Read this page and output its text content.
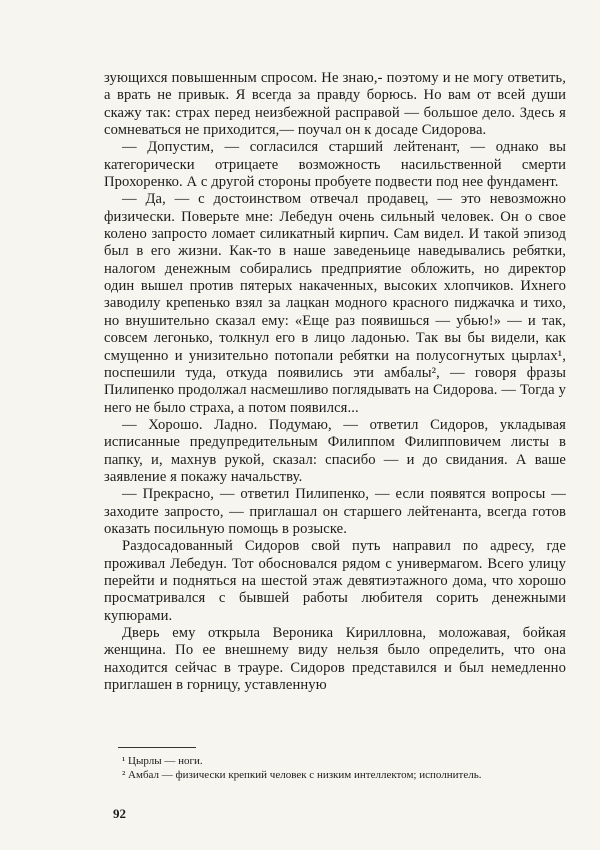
зующихся повышенным спросом. Не знаю,- поэтому и не могу ответить, а врать не привык. Я всегда за правду борюсь. Но вам от всей души скажу так: страх перед неизбежной расправой — большое дело. Здесь я сомневаться не приходится,— поучал он к досаде Сидорова.

— Допустим, — согласился старший лейтенант, — однако вы категорически отрицаете возможность насильственной смерти Прохоренко. А с другой стороны пробуете подвести под нее фундамент.

— Да, — с достоинством отвечал продавец, — это невозможно физически. Поверьте мне: Лебедун очень сильный человек. Он о свое колено запросто ломает силикатный кирпич. Сам видел. И такой эпизод был в его жизни. Как-то в наше заведеньице наведывались ребятки, налогом денежным собирались предприятие обложить, но директор один вышел против пятерых накаченных, высоких хлопчиков. Ихнего заводилу крепенько взял за лацкан модного красного пиджачка и тихо, но внушительно сказал ему: «Еще раз появишься — убью!» — и так, совсем легонько, толкнул его в лицо ладонью. Так вы бы видели, как смущенно и унизительно потопали ребятки на полусогнутых цырлах¹, поспешили туда, откуда появились эти амбалы², — говоря фразы Пилипенко продолжал насмешливо поглядывать на Сидорова. — Тогда у него не было страха, а потом появился...

— Хорошо. Ладно. Подумаю, — ответил Сидоров, укладывая исписанные предупредительным Филиппом Филипповичем листы в папку, и, махнув рукой, сказал: спасибо — и до свидания. А ваше заявление я покажу начальству.

— Прекрасно, — ответил Пилипенко, — если появятся вопросы — заходите запросто, — приглашал он старшего лейтенанта, всегда готов оказать посильную помощь в розыске.

Раздосадованный Сидоров свой путь направил по адресу, где проживал Лебедун. Тот обосновался рядом с универмагом. Всего улицу перейти и подняться на шестой этаж девятиэтажного дома, что хорошо просматривался с бывшей работы любителя сорить денежными купюрами.

Дверь ему открыла Вероника Кирилловна, моложавая, бойкая женщина. По ее внешнему виду нельзя было определить, что она находится сейчас в трауре. Сидоров представился и был немедленно приглашен в горницу, уставленную

¹ Цырлы — ноги.

² Амбал — физически крепкий человек с низким интеллектом; исполнитель.

92
